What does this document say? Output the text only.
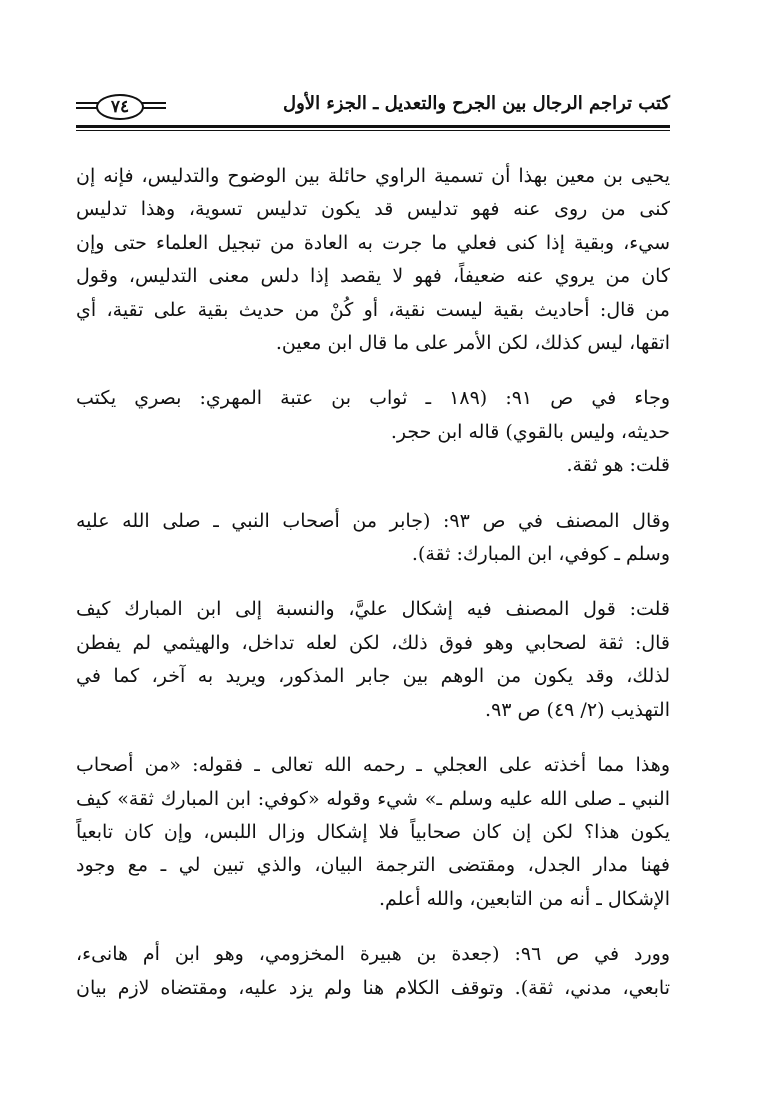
كتب تراجم الرجال بين الجرح والتعديل ـ الجزء الأول
٧٤

يحيى بن معين بهذا أن تسمية الراوي حائلة بين الوضوح والتدليس، فإنه إن
كنى من روى عنه فهو تدليس قد يكون تدليس تسوية، وهذا تدليس
سيء، وبقية إذا كنى فعلي ما جرت به العادة من تبجيل العلماء حتى وإن
كان من يروي عنه ضعيفاً، فهو لا يقصد إذا دلس معنى التدليس، وقول
من قال: أحاديث بقية ليست نقية، أو كُنْ من حديث بقية على تقية، أي
اتقها، ليس كذلك، لكن الأمر على ما قال ابن معين.

وجاء في ص ٩١: (١٨٩ ـ ثواب بن عتبة المهري: بصري يكتب
حديثه، وليس بالقوي) قاله ابن حجر.

قلت: هو ثقة.

وقال المصنف في ص ٩٣: (جابر من أصحاب النبي ـ صلى الله عليه
وسلم ـ كوفي، ابن المبارك: ثقة).

قلت: قول المصنف فيه إشكال عليَّ، والنسبة إلى ابن المبارك كيف
قال: ثقة لصحابي وهو فوق ذلك، لكن لعله تداخل، والهيثمي لم يفطن
لذلك، وقد يكون من الوهم بين جابر المذكور، ويريد به آخر، كما في
التهذيب (٢/ ٤٩) ص ٩٣.

وهذا مما أخذته على العجلي ـ رحمه الله تعالى ـ فقوله: «من أصحاب
النبي ـ صلى الله عليه وسلم ـ» شيء وقوله «كوفي: ابن المبارك ثقة» كيف
يكون هذا؟ لكن إن كان صحابياً فلا إشكال وزال اللبس، وإن كان تابعياً
فهنا مدار الجدل، ومقتضى الترجمة البيان، والذي تبين لي ـ مع وجود
الإشكال ـ أنه من التابعين، والله أعلم.

وورد في ص ٩٦: (جعدة بن هبيرة المخزومي، وهو ابن أم هانىء،
تابعي، مدني، ثقة). وتوقف الكلام هنا ولم يزد عليه، ومقتضاه لازم بيان
